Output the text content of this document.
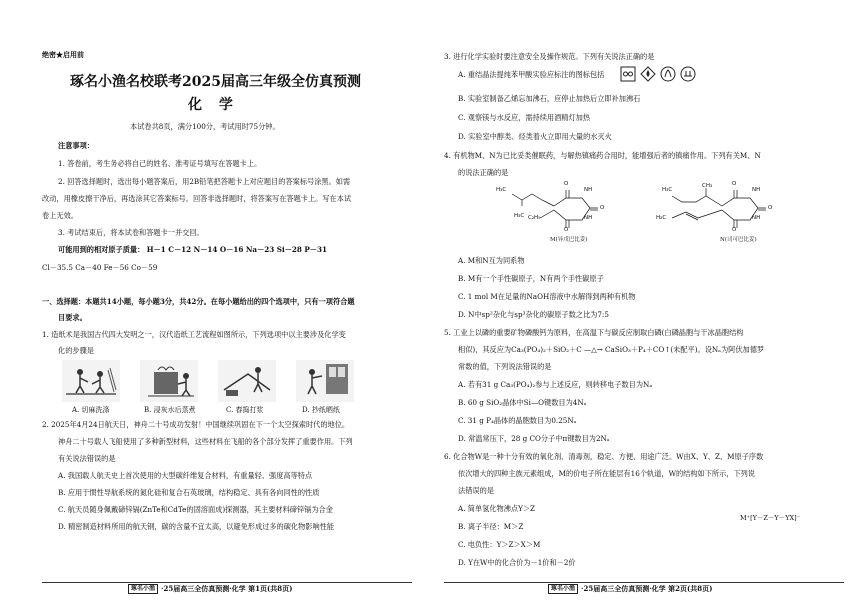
绝密★启用前
琢名小渔名校联考2025届高三年级全仿真预测
化 学
本试卷共8页，满分100分，考试用时75分钟。
注意事项：
1. 答卷前，考生务必将自己的姓名、准考证号填写在答题卡上。
2. 回答选择题时，选出每小题答案后，用2B铅笔把答题卡上对应题目的答案标号涂黑。如需
改动，用橡皮擦干净后，再选涂其它答案标号。回答非选择题时，将答案写在答题卡上。写在本试
卷上无效。
3. 考试结束后，将本试卷和答题卡一并交回。
可能用到的相对原子质量： H－1 C－12 N－14 O－16 Na－23 Si－28 P－31
Cl－35.5 Ca－40 Fe－56 Co－59
一、选择题：本题共14小题，每小题3分，共42分。在每小题给出的四个选项中，只有一项符合题
目要求。
1. 造纸术是我国古代四大发明之一，汉代造纸工艺流程如图所示，下列选项中以主要涉及化学变
化的步骤是
A. 切麻洗涤	B. 浸灰水后蒸煮	C. 舂捣打浆	D. 抄纸晒纸
2. 2025年4月24日航天日，神舟二十号成功发射！中国继续巩固在下一个太空探索时代的地位。
神舟二十号载人飞船使用了多种新型材料，这些材料在飞船的各个部分发挥了重要作用。下列
有关说法错误的是
A. 我国载人航天史上首次使用的大型碳纤维复合材料，有重量轻、强度高等特点
B. 应用于惯性导航系统的氮化硅和复合石英玻璃，结构稳定、具有各向同性的性质
C. 航天员随身佩戴碲锌镉(ZnTe和CdTe的固溶面成)探测器，其主要材料碲锌镉为合金
D. 精密制造材料所用的航天钢，碳的含量不宜太高，以避免形成过多的碳化物影响性能
琢名小渔 ·25届高三全仿真预测·化学 第1页(共8页)
3. 进行化学实验时要注意安全及操作规范。下列有关说法正确的是
A. 重结晶法提纯苯甲酸实验应标注的图标包括
B. 实验室制备乙烯忘加沸石，应停止加热后立即补加沸石
C. 观察镁与水反应，需持续用酒精灯加热
D. 实验室中醇类、烃类着火立即用大量的水灭火
4. 有机物M、N为已比妥类催眠药，与解热镇痛药合用时，能增强后者的镇痛作用。下列有关M、N
的说法正确的是
H₃C
H₃C C₂H₅
O
O
NH
NH
O
M(异戊巴比妥)
H₃C
CH₃
H₂C
O
O
NH
NH
O
N(司可巴比妥)
A. M和N互为同系物
B. M有一个手性碳原子，N有两个手性碳原子
C. 1 mol M在足量的NaOH溶液中水解得到两种有机物
D. N中sp²杂化与sp³杂化的碳原子数之比为7:5
5. 工业上以磷的重要矿物磷酸钙为原料，在高温下与碳反应制取白磷(白磷晶胞与干冰晶胞结构
相似)，其反应为Ca₃(PO₄)₂＋SiO₂＋C —△→ CaSiO₃＋P₄＋CO↑(未配平)。设Nₐ为阿伏加德罗
常数的值，下列说法错误的是
A. 若有31 g Ca₃(PO₄)₂参与上述反应，则转移电子数目为Nₐ
B. 60 g SiO₂晶体中Si—O键数目为4Nₐ
C. 31 g P₄晶体的晶胞数目为0.25Nₐ
D. 常温常压下，28 g CO分子中π键数目为2Nₐ
6. 化合物W是一种十分有效的氧化剂、清毒剂，稳定、方便、用途广泛。W由X、Y、Z、M原子序数
依次增大的四种主族元素组成，M的价电子所在能层有16个轨道，W的结构如下所示，下列说
法错误的是
A. 简单氢化物沸点Y＞Z
B. 离子半径：M＞Z
C. 电负性：Y＞Z＞X＞M
D. Y在W中的化合价为－1价和－2价
M⁺[Y－Z－Y－YX]⁻
琢名小渔 ·25届高三全仿真预测·化学 第2页(共8页)
